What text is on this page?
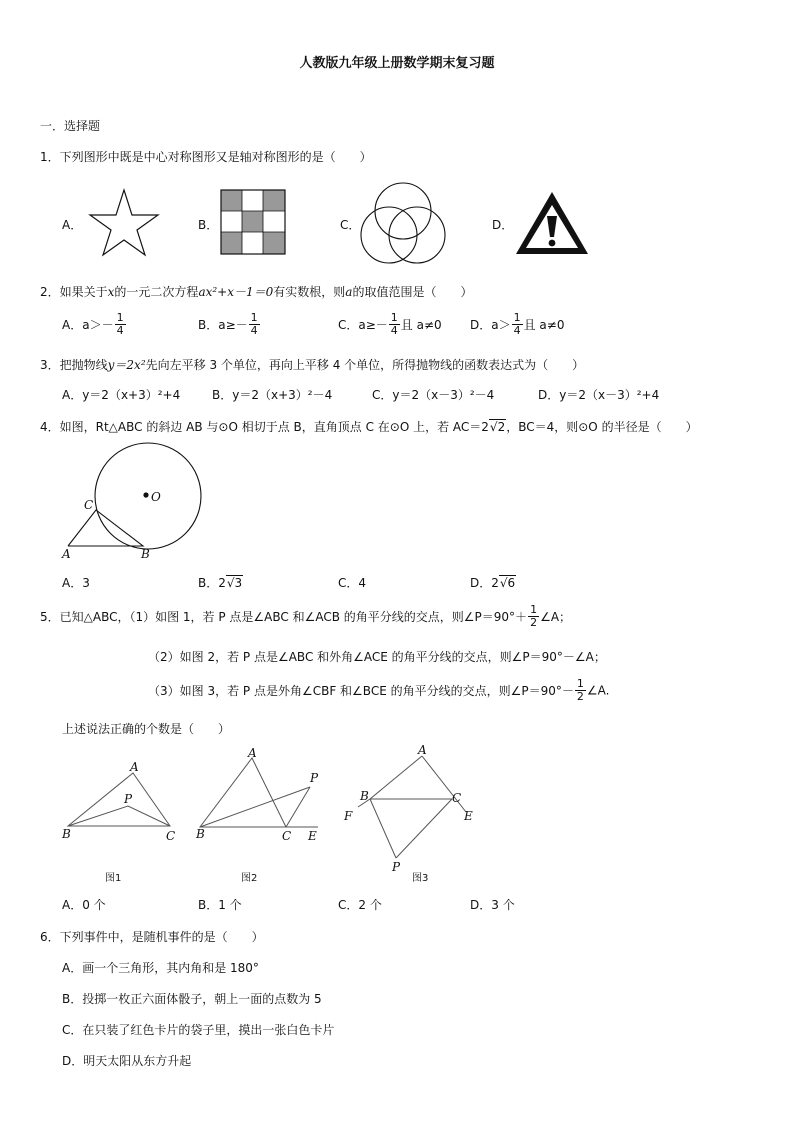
人教版九年级上册数学期末复习题
一．选择题
1．下列图形中既是中心对称图形又是轴对称图形的是（　　）
A．	B．	C．	D．
2．如果关于x的一元二次方程ax²+x－1＝0有实数根，则a的取值范围是（　　）
A．$a>- \frac{1}{4}$	B．$a\ge- \frac{1}{4}$	C．$a\ge- \frac{1}{4}$ 且 a≠0 D．$a> \frac{1}{4}$ 且 a≠0
3．把抛物线y＝2x²先向左平移 3 个单位，再向上平移 4 个单位，所得抛物线的函数表达式为（　　）
A．y＝2（x+3）²+4	B．y＝2（x+3）²－4	C．y＝2（x－3）²－4	D．y＝2（x－3）²+4
4．如图，Rt△ABC 的斜边 AB 与⊙O 相切于点 B，直角顶点 C 在⊙O 上，若 AC＝2√2，BC＝4，则⊙O 的半径是（　　）
O
C
A	B
A．3	B．2√3	C．4	D．2√6
5．已知△ABC，（1）如图 1，若 P 点是∠ABC 和∠ACB 的角平分线的交点，则∠P＝90°＋ $\frac{1}{2}$ ∠A；
（2）如图 2，若 P 点是∠ABC 和外角∠ACE 的角平分线的交点，则∠P＝90°－∠A；
（3）如图 3，若 P 点是外角∠CBF 和∠BCE 的角平分线的交点，则∠P＝90°－ $\frac{1}{2}$ ∠A.
上述说法正确的个数是（　　）
A
P
B	C
图1
A
P
B	C E
图2
A
B	C
F	E
P
图3
A．0 个	B．1 个	C．2 个	D．3 个
6．下列事件中，是随机事件的是（　　）
A．画一个三角形，其内角和是 180°
B．投掷一枚正六面体骰子，朝上一面的点数为 5
C．在只装了红色卡片的袋子里，摸出一张白色卡片
D．明天太阳从东方升起
